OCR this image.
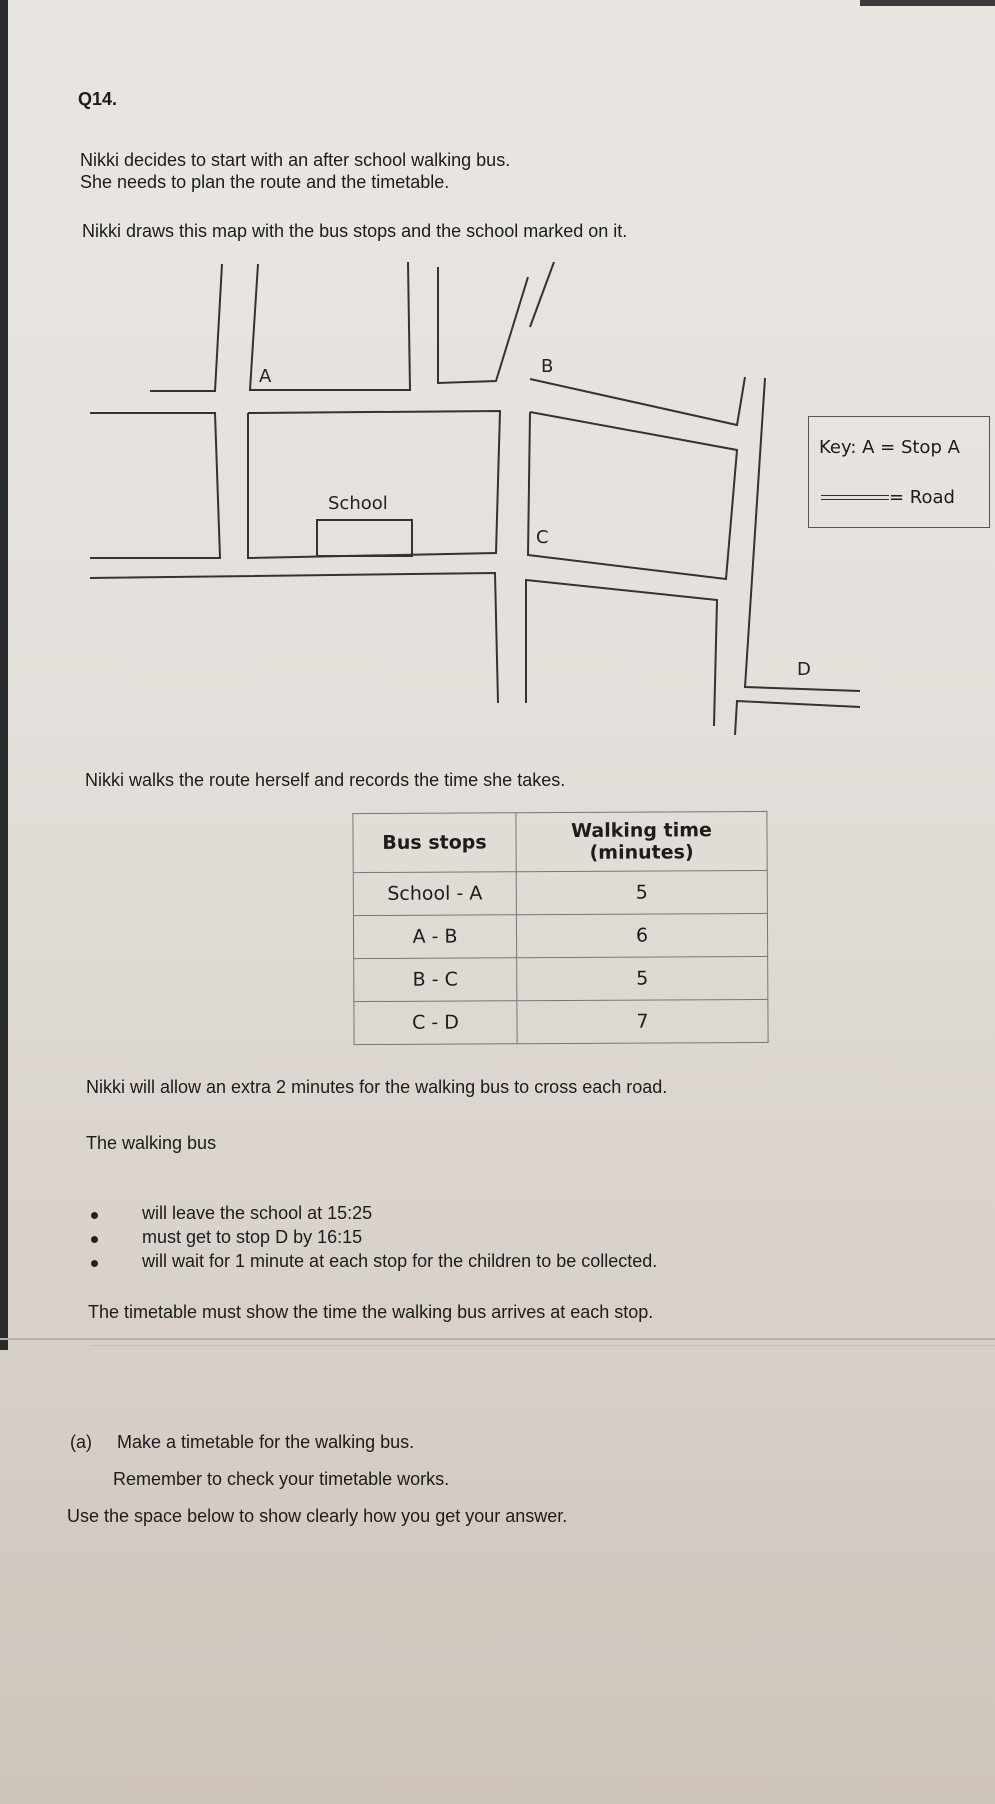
Q14.
Nikki decides to start with an after school walking bus.
She needs to plan the route and the timetable.
Nikki draws this map with the bus stops and the school marked on it.
A	B
C
D
School
Key: A = Stop A
= Road
Nikki walks the route herself and records the time she takes.
Bus stops	Walking time
(minutes)

School - A	5
A - B	6
B - C	5
C - D	7
Nikki will allow an extra 2 minutes for the walking bus to cross each road.
The walking bus
will leave the school at 15:25
must get to stop D by 16:15
will wait for 1 minute at each stop for the children to be collected.
The timetable must show the time the walking bus arrives at each stop.
(a) Make a timetable for the walking bus.
Remember to check your timetable works.
Use the space below to show clearly how you get your answer.
